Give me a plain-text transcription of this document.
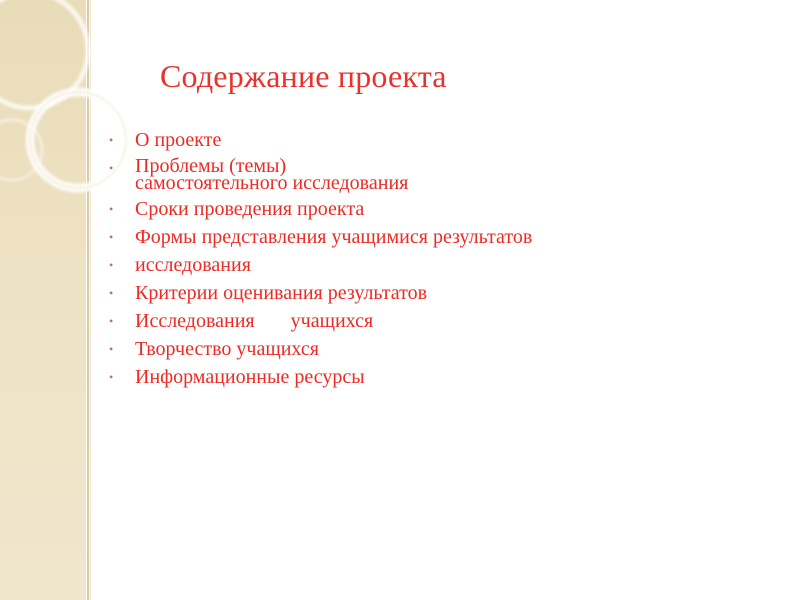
Содержание проекта
• О проекте
• Проблемы (темы)
самостоятельного исследования
• Сроки проведения проекта
• Формы представления учащимися результатов
• исследования
• Критерии оценивания результатов
• Исследования учащихся
• Творчество учащихся
• Информационные ресурсы
